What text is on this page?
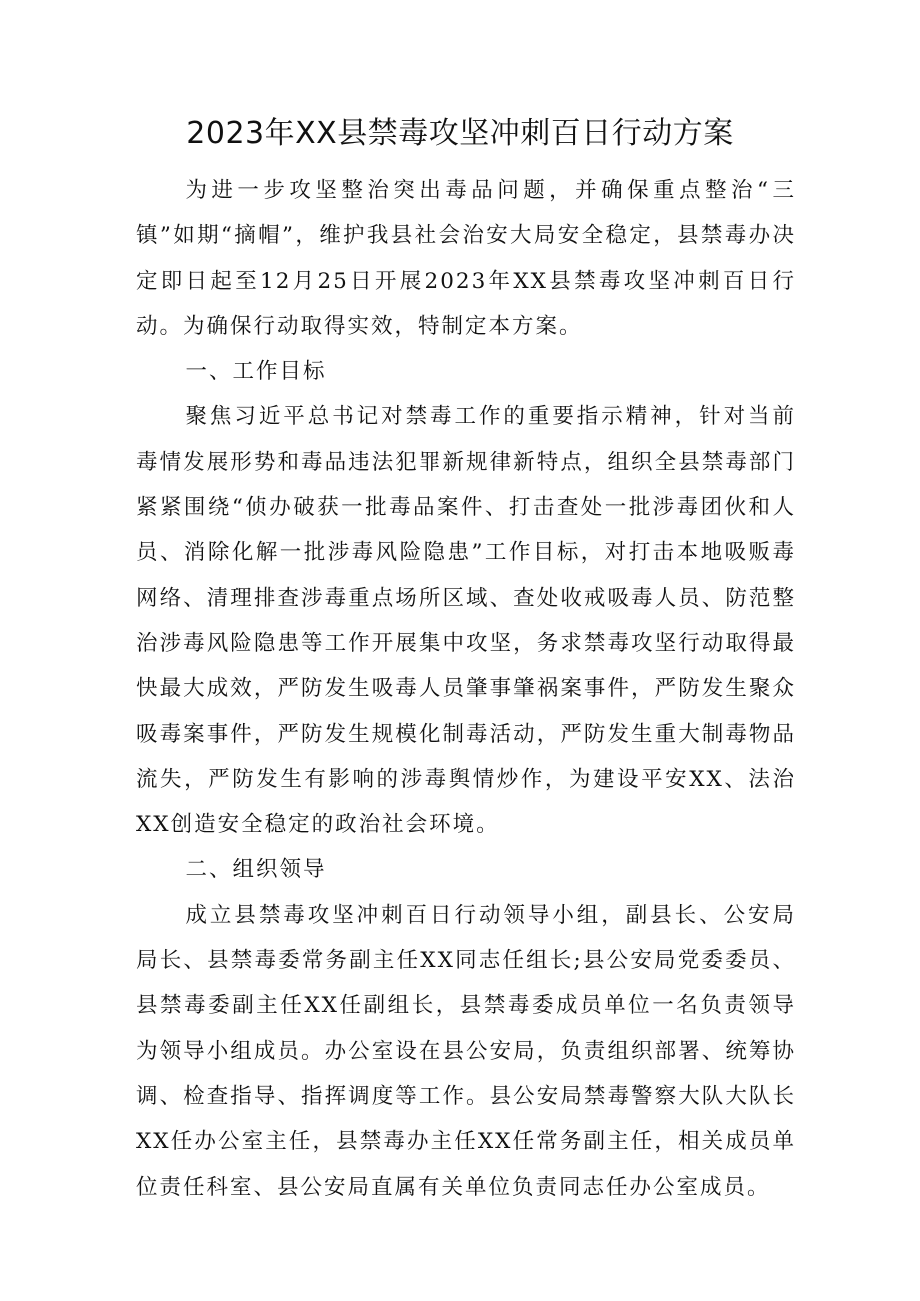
2023年XX县禁毒攻坚冲刺百日行动方案

为进一步攻坚整治突出毒品问题，并确保重点整治“三镇”如期“摘帽”，维护我县社会治安大局安全稳定，县禁毒办决定即日起至12月25日开展2023年XX县禁毒攻坚冲刺百日行动。为确保行动取得实效，特制定本方案。

一、工作目标

聚焦习近平总书记对禁毒工作的重要指示精神，针对当前毒情发展形势和毒品违法犯罪新规律新特点，组织全县禁毒部门紧紧围绕“侦办破获一批毒品案件、打击查处一批涉毒团伙和人员、消除化解一批涉毒风险隐患”工作目标，对打击本地吸贩毒网络、清理排查涉毒重点场所区域、查处收戒吸毒人员、防范整治涉毒风险隐患等工作开展集中攻坚，务求禁毒攻坚行动取得最快最大成效，严防发生吸毒人员肇事肇祸案事件，严防发生聚众吸毒案事件，严防发生规模化制毒活动，严防发生重大制毒物品流失，严防发生有影响的涉毒舆情炒作，为建设平安XX、法治XX创造安全稳定的政治社会环境。

二、组织领导

成立县禁毒攻坚冲刺百日行动领导小组，副县长、公安局局长、县禁毒委常务副主任XX同志任组长;县公安局党委委员、县禁毒委副主任XX任副组长，县禁毒委成员单位一名负责领导为领导小组成员。办公室设在县公安局，负责组织部署、统筹协调、检查指导、指挥调度等工作。县公安局禁毒警察大队大队长XX任办公室主任，县禁毒办主任XX任常务副主任，相关成员单位责任科室、县公安局直属有关单位负责同志任办公室成员。
